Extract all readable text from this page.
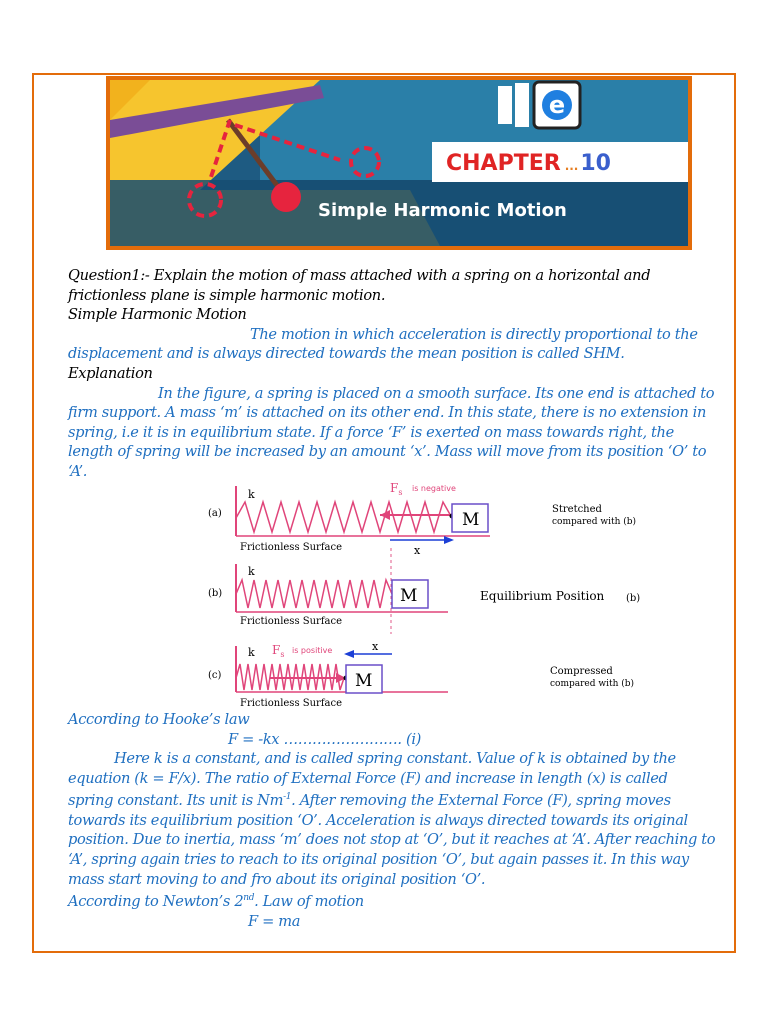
e
CHAPTER ...10
Simple Harmonic Motion
Question1:- Explain the motion of mass attached with a spring on a horizontal and
frictionless plane is simple harmonic motion.
Simple Harmonic Motion
The motion in which acceleration is directly proportional to the
displacement and is always directed towards the mean position is called SHM.
Explanation
In the figure, a spring is placed on a smooth surface. Its one end is attached to
firm support. A mass ‘m’ is attached on its other end. In this state, there is no extension in
spring, i.e it is in equilibrium state. If a force ‘F’ is exerted on mass towards right, the
length of spring will be increased by an amount ‘x’. Mass will move from its position ‘O’ to
‘A’.
(a)
k	$F_s$ is negative
M
x
Frictionless Surface
Stretched
compared with (b)
(b)
k
M
Frictionless Surface
Equilibrium Position (b)
(c)
k $F_s$ is positive
M
x
Frictionless Surface
Compressed
compared with (b)
According to Hooke’s law
F = -kx ……………………. (i)
Here k is a constant, and is called spring constant. Value of k is obtained by the
equation (k = F/x). The ratio of External Force (F) and increase in length (x) is called
spring constant. Its unit is $Nm^{-1}$. After removing the External Force (F), spring moves
towards its equilibrium position ‘O’. Acceleration is always directed towards its original
position. Due to inertia, mass ‘m’ does not stop at ‘O’, but it reaches at ‘A’. After reaching to
‘A’, spring again tries to reach to its original position ‘O’, but again passes it. In this way
mass start moving to and fro about its original position ‘O’.
According to Newton’s 2nd. Law of motion
F = ma
